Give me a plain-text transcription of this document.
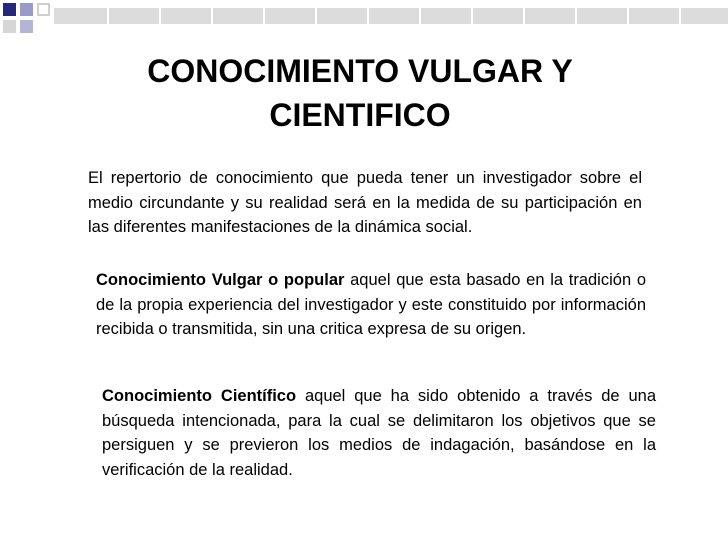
CONOCIMIENTO VULGAR Y
CIENTIFICO

El repertorio de conocimiento que pueda tener un investigador sobre el medio circundante y su realidad será en la medida de su participación en las diferentes manifestaciones de la dinámica social.

Conocimiento Vulgar o popular aquel que esta basado en la tradición o de la propia experiencia del investigador y este constituido por información recibida o transmitida, sin una critica expresa de su origen.

Conocimiento Científico aquel que ha sido obtenido a través de una búsqueda intencionada, para la cual se delimitaron los objetivos que se persiguen y se previeron los medios de indagación, basándose en la verificación de la realidad.
